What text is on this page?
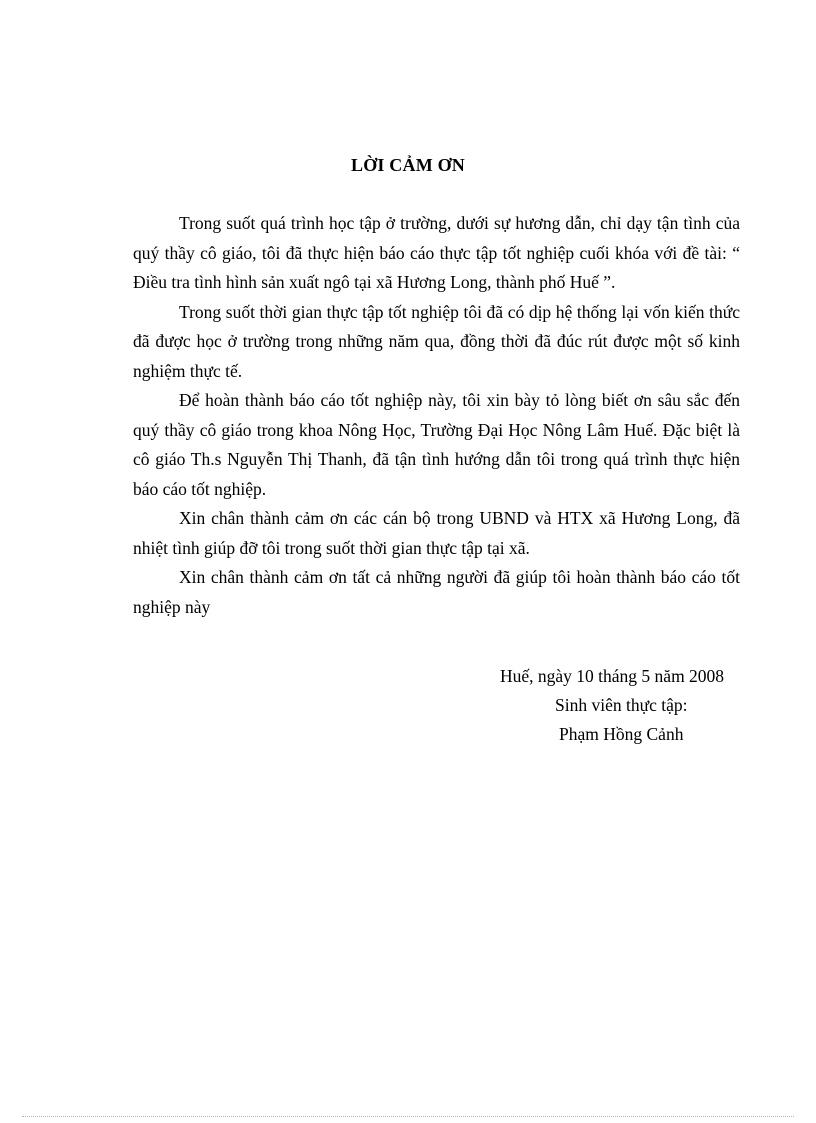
LỜI CẢM ƠN

Trong suốt quá trình học tập ở trường, dưới sự hương dẫn, chỉ dạy tận tình của quý thầy cô giáo, tôi đã thực hiện báo cáo thực tập tốt nghiệp cuối khóa với đề tài: “ Điều tra tình hình sản xuất ngô tại xã Hương Long, thành phố Huế ”.

Trong suốt thời gian thực tập tốt nghiệp tôi đã có dịp hệ thống lại vốn kiến thức đã được học ở trường trong những năm qua, đồng thời đã đúc rút được một số kinh nghiệm thực tế.

Để hoàn thành báo cáo tốt nghiệp này, tôi xin bày tỏ lòng biết ơn sâu sắc đến quý thầy cô giáo trong khoa Nông Học, Trường Đại Học Nông Lâm Huế. Đặc biệt là cô giáo Th.s Nguyễn Thị Thanh, đã tận tình hướng dẫn tôi trong quá trình thực hiện báo cáo tốt nghiệp.

Xin chân thành cảm ơn các cán bộ trong UBND và HTX xã Hương Long, đã nhiệt tình giúp đỡ tôi trong suốt thời gian thực tập tại xã.

Xin chân thành cảm ơn tất cả những người đã giúp tôi hoàn thành báo cáo tốt nghiệp này

Huế, ngày 10 tháng 5 năm 2008
Sinh viên thực tập:
Phạm Hồng Cảnh
